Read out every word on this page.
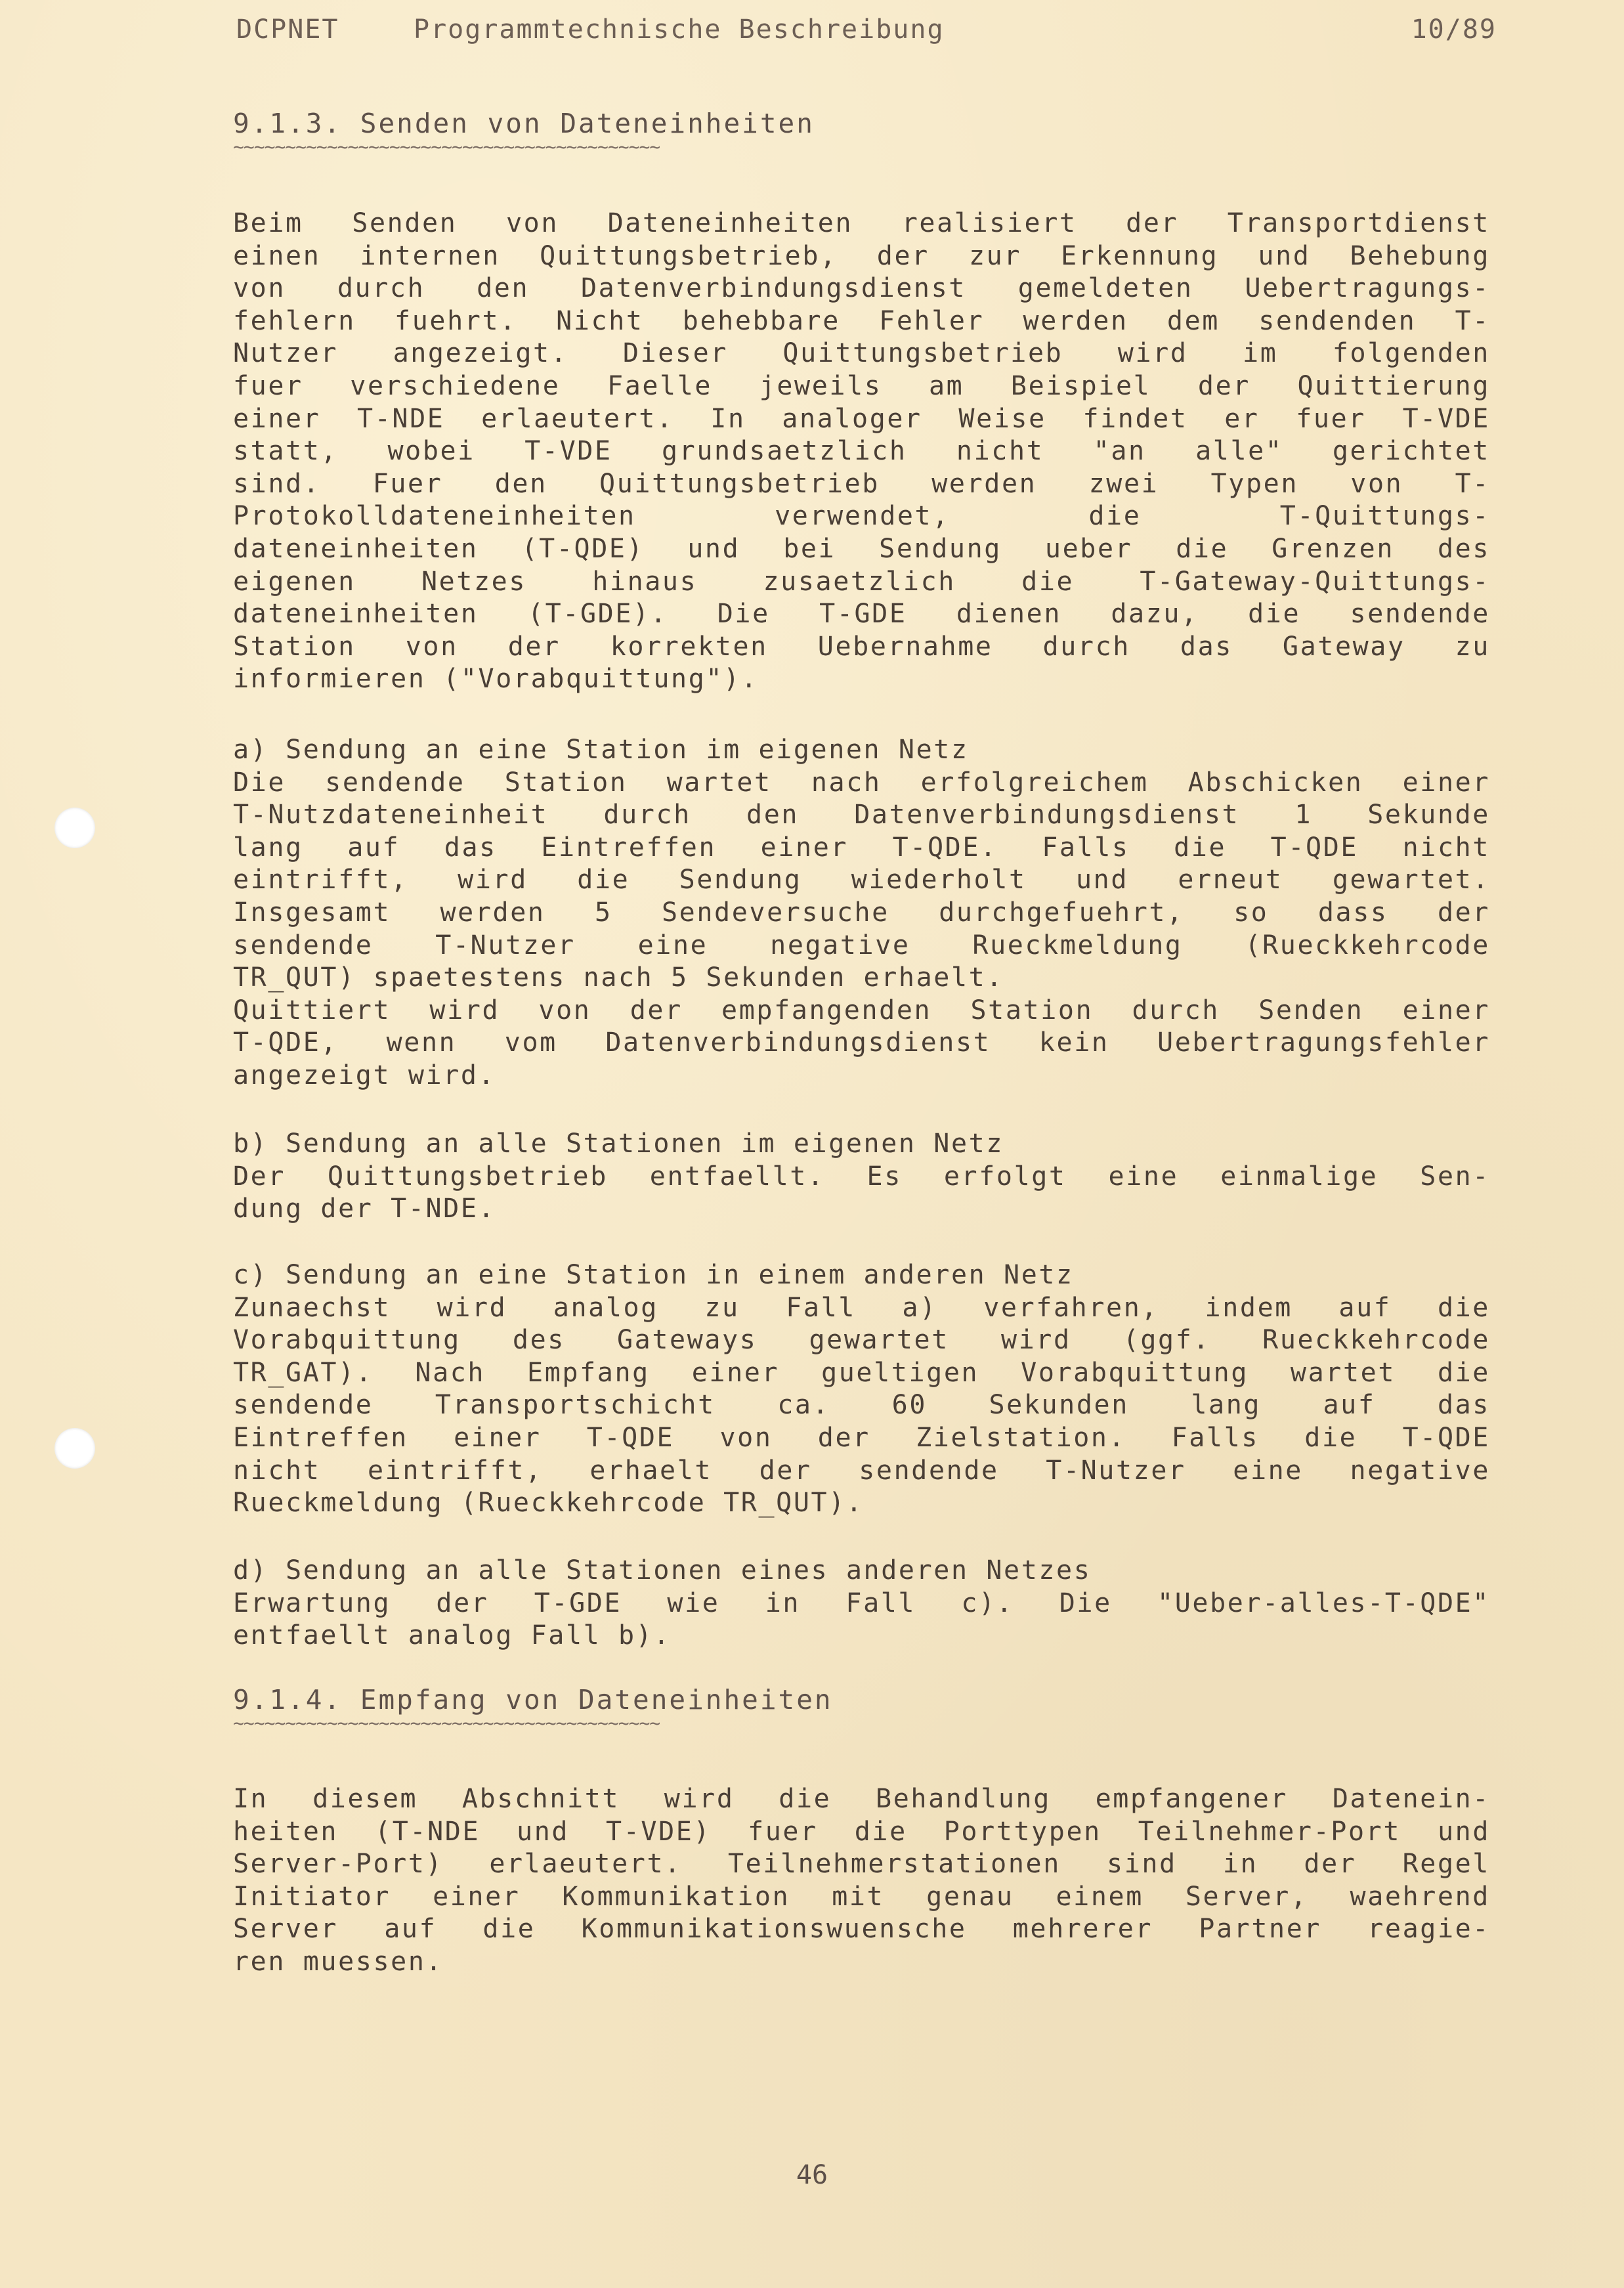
DCPNET	Programmtechnische Beschreibung	10/89
9.1.3. Senden von Dateneinheiten
~~~~~~~~~~~~~~~~~~~~~~~~~~~~~~~~~~~~~~~~~
Beim Senden von Dateneinheiten realisiert der Transportdienst
einen internen Quittungsbetrieb, der zur Erkennung und Behebung
von durch den Datenverbindungsdienst gemeldeten Uebertragungs-
fehlern fuehrt. Nicht behebbare Fehler werden dem sendenden T-
Nutzer angezeigt. Dieser Quittungsbetrieb wird im folgenden
fuer verschiedene Faelle jeweils am Beispiel der Quittierung
einer T-NDE erlaeutert. In analoger Weise findet er fuer T-VDE
statt, wobei T-VDE grundsaetzlich nicht "an alle" gerichtet
sind. Fuer den Quittungsbetrieb werden zwei Typen von T-
Protokolldateneinheiten verwendet, die T-Quittungs-
dateneinheiten (T-QDE) und bei Sendung ueber die Grenzen des
eigenen Netzes hinaus zusaetzlich die T-Gateway-Quittungs-
dateneinheiten (T-GDE). Die T-GDE dienen dazu, die sendende
Station von der korrekten Uebernahme durch das Gateway zu
informieren ("Vorabquittung").
a) Sendung an eine Station im eigenen Netz
Die sendende Station wartet nach erfolgreichem Abschicken einer
T-Nutzdateneinheit durch den Datenverbindungsdienst 1 Sekunde
lang auf das Eintreffen einer T-QDE. Falls die T-QDE nicht
eintrifft, wird die Sendung wiederholt und erneut gewartet.
Insgesamt werden 5 Sendeversuche durchgefuehrt, so dass der
sendende T-Nutzer eine negative Rueckmeldung (Rueckkehrcode
TR_QUT) spaetestens nach 5 Sekunden erhaelt.
Quittiert wird von der empfangenden Station durch Senden einer
T-QDE, wenn vom Datenverbindungsdienst kein Uebertragungsfehler
angezeigt wird.
b) Sendung an alle Stationen im eigenen Netz
Der Quittungsbetrieb entfaellt. Es erfolgt eine einmalige Sen-
dung der T-NDE.
c) Sendung an eine Station in einem anderen Netz
Zunaechst wird analog zu Fall a) verfahren, indem auf die
Vorabquittung des Gateways gewartet wird (ggf. Rueckkehrcode
TR_GAT). Nach Empfang einer gueltigen Vorabquittung wartet die
sendende Transportschicht ca. 60 Sekunden lang auf das
Eintreffen einer T-QDE von der Zielstation. Falls die T-QDE
nicht eintrifft, erhaelt der sendende T-Nutzer eine negative
Rueckmeldung (Rueckkehrcode TR_QUT).
d) Sendung an alle Stationen eines anderen Netzes
Erwartung der T-GDE wie in Fall c). Die "Ueber-alles-T-QDE"
entfaellt analog Fall b).
9.1.4. Empfang von Dateneinheiten
~~~~~~~~~~~~~~~~~~~~~~~~~~~~~~~~~~~~~~~~~
In diesem Abschnitt wird die Behandlung empfangener Datenein-
heiten (T-NDE und T-VDE) fuer die Porttypen Teilnehmer-Port und
Server-Port) erlaeutert. Teilnehmerstationen sind in der Regel
Initiator einer Kommunikation mit genau einem Server, waehrend
Server auf die Kommunikationswuensche mehrerer Partner reagie-
ren muessen.
46
